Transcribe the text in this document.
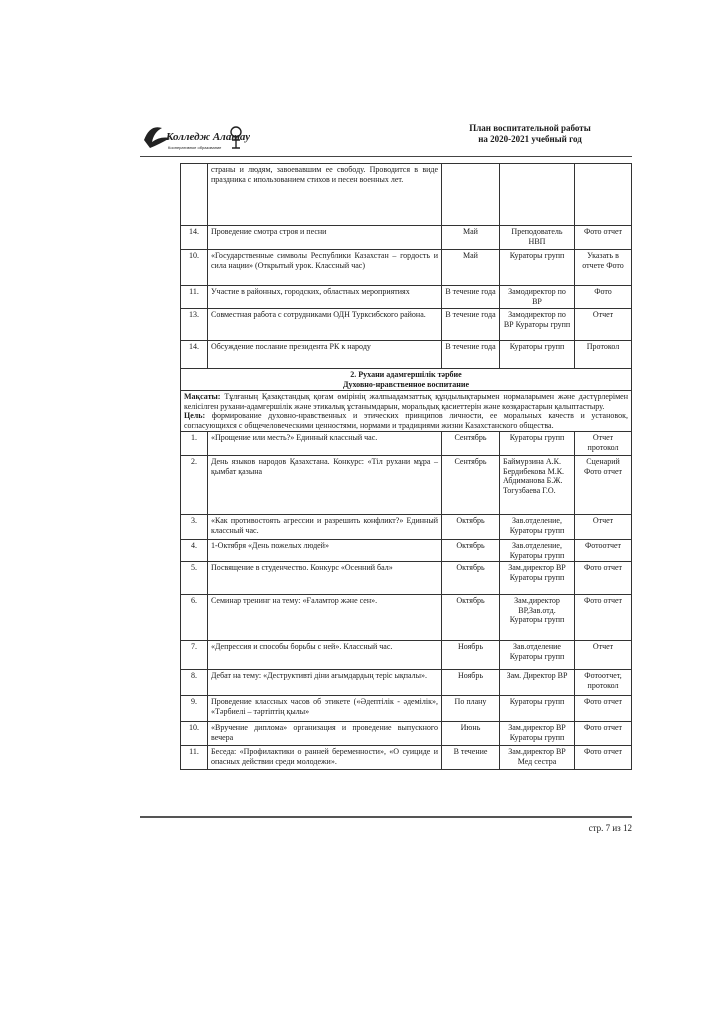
Колледж Алатау
Кооперативное образование
План воспитательной работы
на 2020-2021 учебный год
	страны и людям, завоевавшим ее свободу. Проводится в виде праздника с ипользованием стихов и песен военных лет.			
14.	Проведение смотра строя и песни	Май	Преподователь НВП	Фото отчет
10.	«Государственные символы Республики Казахстан – гордость и сила нации» (Открытый урок. Классный час)	Май	Кураторы групп	Указать в отчете Фото
11.	Участие в районных, городских, областных мероприятиях	В течение года	Замодиректор по ВР	Фото
13.	Совместная работа с сотрудниками ОДН Турксибского района.	В течение года	Замодиректор по ВР Кураторы групп	Отчет
14.	Обсуждение послание президента РК к народу	В течение года	Кураторы групп	Протокол

2. Рухани адамгершілік тәрбие
Духовно-нравственное воспитание				

Мақсаты: Тұлғаның Қазақстандық қоғам өмірінің жалпыадамзаттық құндылықтарымен нормаларымен және дәстүрлерімен келісілген рухани-адамгершілік және этикалық ұстанымдарын, моральдық қасиеттерін және көзқарастарын қалыптастыру.
Цель: формирование духовно-нравственных и этических принципов личности, ее моральных качеств и установок, согласующихся с общечеловеческими ценностями, нормами и традициями жизни Казахстанского общества.				

1.	«Прощение или месть?» Единный классный час.	Сентябрь	Кураторы групп	Отчет протокол
2.	День языков народов Қазахстана. Конкурс: «Тіл рухани мұра –қымбат қазына	Сентябрь	Баймурзина А.К. Бердибекова М.К. Абдиманова Б.Ж. Тогузбаева Г.О.	Сценарий Фото отчет
3.	«Как противостоять агрессии и разрешить конфликт?» Единный классный час.	Октябрь	Зав.отделение, Кураторы групп	Отчет
4.	1-Октября «День пожелых людей»	Октябрь	Зав.отделение, Кураторы групп	Фотоотчет
5.	Посвящение в студенчество. Конкурс «Осенний бал»	Октябрь	Зам.директор ВР Кураторы групп	Фото отчет
6.	Семинар тренинг на тему: «Ғаламтор және сен».	Октябрь	Зам.директор ВР,Зав.отд. Кураторы групп	Фото отчет
7.	«Депрессия и способы борьбы с ней». Классный час.	Ноябрь	Зав.отделение Кураторы групп	Отчет
8.	Дебат на тему: «Деструктивті діни ағымдардың теріс ықпалы».	Ноябрь	Зам. Директор ВР	Фотоотчет, протокол
9.	Проведение классных часов об этикете («Әдептілік - әдемілік», «Тәрбиелі – тәртіптің қылы»	По плану	Кураторы групп	Фото отчет
10.	«Вручение диплома» организация и проведение выпускного вечера	Июнь	Зам.директор ВР Кураторы групп	Фото отчет
11.	Беседа: «Профилактики о ранней беременности», «О суициде и опасных действии среди молодежи».	В течение	Зам.директор ВР Мед сестра	Фото отчет
стр. 7 из 12
